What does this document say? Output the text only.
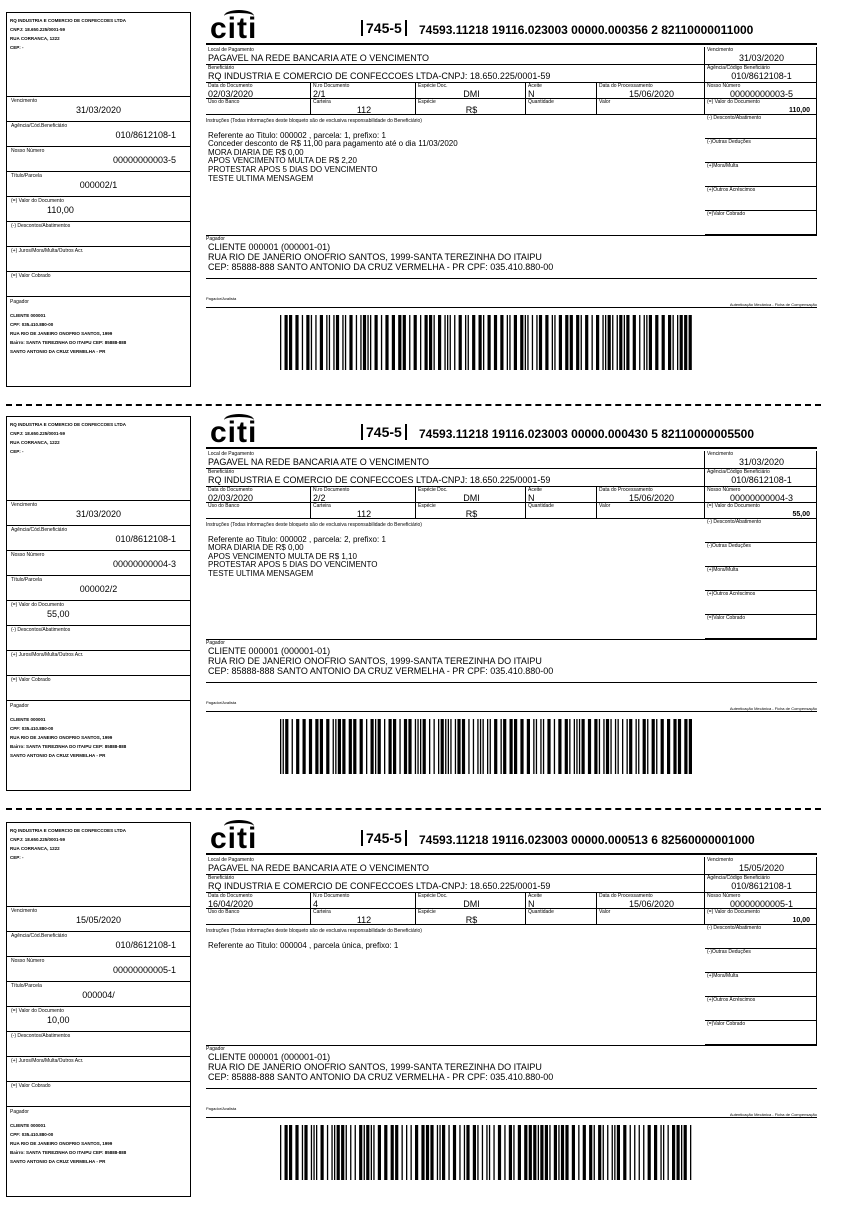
RQ INDUSTRIA E COMERCIO DE CONFECCOES LTDA
CNPJ: 18.650.225/0001-59
RUA CORRANCA, 1222
CEP: -
Vencimento
31/03/2020
Agência/Cód.Beneficiário
010/8612108-1
Nosso Número
00000000003-5
Título/Parcela
000002/1
(=) Valor do Documento
110,00
(-) Descontos/Abatimentos
(+) Juros/Mora/Multa/Outros Acr.
(=) Valor Cobrado
Pagador
CLIENTE 000001
CPF: 035.410.880-00
RUA RIO DE JANEIRO ONOFRIO SANTOS, 1999
Bairro: SANTA TEREZINHA DO ITAIPU CEP: 85888-888
SANTO ANTONIO DA CRUZ VERMELHA - PR
citi	745-5	74593.11218 19116.023003 00000.000356 2 82110000011000
Local de Pagamento
PAGAVEL NA REDE BANCARIA ATE O VENCIMENTO
Beneficiário
RQ INDUSTRIA E COMERCIO DE CONFECCOES LTDA-CNPJ: 18.650.225/0001-59
Data do Documento
02/03/2020
N.ro Documento
2/1
Espécie Doc.
DMI
Aceite
N
Data do Processamento
15/06/2020
Uso do Banco	Carteira
112
Espécie
R$
Quantidade	Valor
Vencimento
31/03/2020
Agência/Código Beneficiário
010/8612108-1
Nosso Número
00000000003-5
(=) Valor do Documento
110,00
(-) Desconto/Abatimento
(-)Outras Deduções
(+)Mora/Multa
(+)Outros Acréscimos
(=)Valor Cobrado
Instruções (Todas informações deste bloqueto são de exclusiva responsabilidade do Beneficiário)
Referente ao Titulo: 000002 , parcela: 1, prefixo: 1
Conceder desconto de R$ 11,00 para pagamento até o dia 11/03/2020
MORA DIARIA DE R$ 0,00
APOS VENCIMENTO MULTA DE R$ 2,20
PROTESTAR APOS 5 DIAS DO VENCIMENTO
TESTE ULTIMA MENSAGEM
Pagador
CLIENTE 000001 (000001-01)
RUA RIO DE JANERIO ONOFRIO SANTOS, 1999-SANTA TEREZINHA DO ITAIPU
CEP: 85888-888 SANTO ANTONIO DA CRUZ VERMELHA - PR CPF: 035.410.880-00
Pagador/Avalista
Autenticação Mecânica - Ficha de Compensação
RQ INDUSTRIA E COMERCIO DE CONFECCOES LTDA
CNPJ: 18.650.225/0001-59
RUA CORRANCA, 1222
CEP: -
Vencimento
31/03/2020
Agência/Cód.Beneficiário
010/8612108-1
Nosso Número
00000000004-3
Título/Parcela
000002/2
(=) Valor do Documento
55,00
(-) Descontos/Abatimentos
(+) Juros/Mora/Multa/Outros Acr.
(=) Valor Cobrado
Pagador
CLIENTE 000001
CPF: 035.410.880-00
RUA RIO DE JANEIRO ONOFRIO SANTOS, 1999
Bairro: SANTA TEREZINHA DO ITAIPU CEP: 85888-888
SANTO ANTONIO DA CRUZ VERMELHA - PR
citi	745-5	74593.11218 19116.023003 00000.000430 5 82110000005500
Local de Pagamento
PAGAVEL NA REDE BANCARIA ATE O VENCIMENTO
Beneficiário
RQ INDUSTRIA E COMERCIO DE CONFECCOES LTDA-CNPJ: 18.650.225/0001-59
Data do Documento
02/03/2020
N.ro Documento
2/2
Espécie Doc.
DMI
Aceite
N
Data do Processamento
15/06/2020
Uso do Banco	Carteira
112
Espécie
R$
Quantidade	Valor
Vencimento
31/03/2020
Agência/Código Beneficiário
010/8612108-1
Nosso Número
00000000004-3
(=) Valor do Documento
55,00
(-) Desconto/Abatimento
(-)Outras Deduções
(+)Mora/Multa
(+)Outros Acréscimos
(=)Valor Cobrado
Instruções (Todas informações deste bloqueto são de exclusiva responsabilidade do Beneficiário)
Referente ao Titulo: 000002 , parcela: 2, prefixo: 1
MORA DIARIA DE R$ 0,00
APOS VENCIMENTO MULTA DE R$ 1,10
PROTESTAR APOS 5 DIAS DO VENCIMENTO
TESTE ULTIMA MENSAGEM
Pagador
CLIENTE 000001 (000001-01)
RUA RIO DE JANERIO ONOFRIO SANTOS, 1999-SANTA TEREZINHA DO ITAIPU
CEP: 85888-888 SANTO ANTONIO DA CRUZ VERMELHA - PR CPF: 035.410.880-00
Pagador/Avalista
Autenticação Mecânica - Ficha de Compensação
RQ INDUSTRIA E COMERCIO DE CONFECCOES LTDA
CNPJ: 18.650.225/0001-59
RUA CORRANCA, 1222
CEP: -
Vencimento
15/05/2020
Agência/Cód.Beneficiário
010/8612108-1
Nosso Número
00000000005-1
Título/Parcela
000004/
(=) Valor do Documento
10,00
(-) Descontos/Abatimentos
(+) Juros/Mora/Multa/Outros Acr.
(=) Valor Cobrado
Pagador
CLIENTE 000001
CPF: 035.410.880-00
RUA RIO DE JANEIRO ONOFRIO SANTOS, 1999
Bairro: SANTA TEREZINHA DO ITAIPU CEP: 85888-888
SANTO ANTONIO DA CRUZ VERMELHA - PR
citi	745-5	74593.11218 19116.023003 00000.000513 6 82560000001000
Local de Pagamento
PAGAVEL NA REDE BANCARIA ATE O VENCIMENTO
Beneficiário
RQ INDUSTRIA E COMERCIO DE CONFECCOES LTDA-CNPJ: 18.650.225/0001-59
Data do Documento
16/04/2020
N.ro Documento
4
Espécie Doc.
DMI
Aceite
N
Data do Processamento
15/06/2020
Uso do Banco	Carteira
112
Espécie
R$
Quantidade	Valor
Vencimento
15/05/2020
Agência/Código Beneficiário
010/8612108-1
Nosso Número
00000000005-1
(=) Valor do Documento
10,00
(-) Desconto/Abatimento
(-)Outras Deduções
(+)Mora/Multa
(+)Outros Acréscimos
(=)Valor Cobrado
Instruções (Todas informações deste bloqueto são de exclusiva responsabilidade do Beneficiário)
Referente ao Titulo: 000004 , parcela única, prefixo: 1
Pagador
CLIENTE 000001 (000001-01)
RUA RIO DE JANERIO ONOFRIO SANTOS, 1999-SANTA TEREZINHA DO ITAIPU
CEP: 85888-888 SANTO ANTONIO DA CRUZ VERMELHA - PR CPF: 035.410.880-00
Pagador/Avalista
Autenticação Mecânica - Ficha de Compensação
